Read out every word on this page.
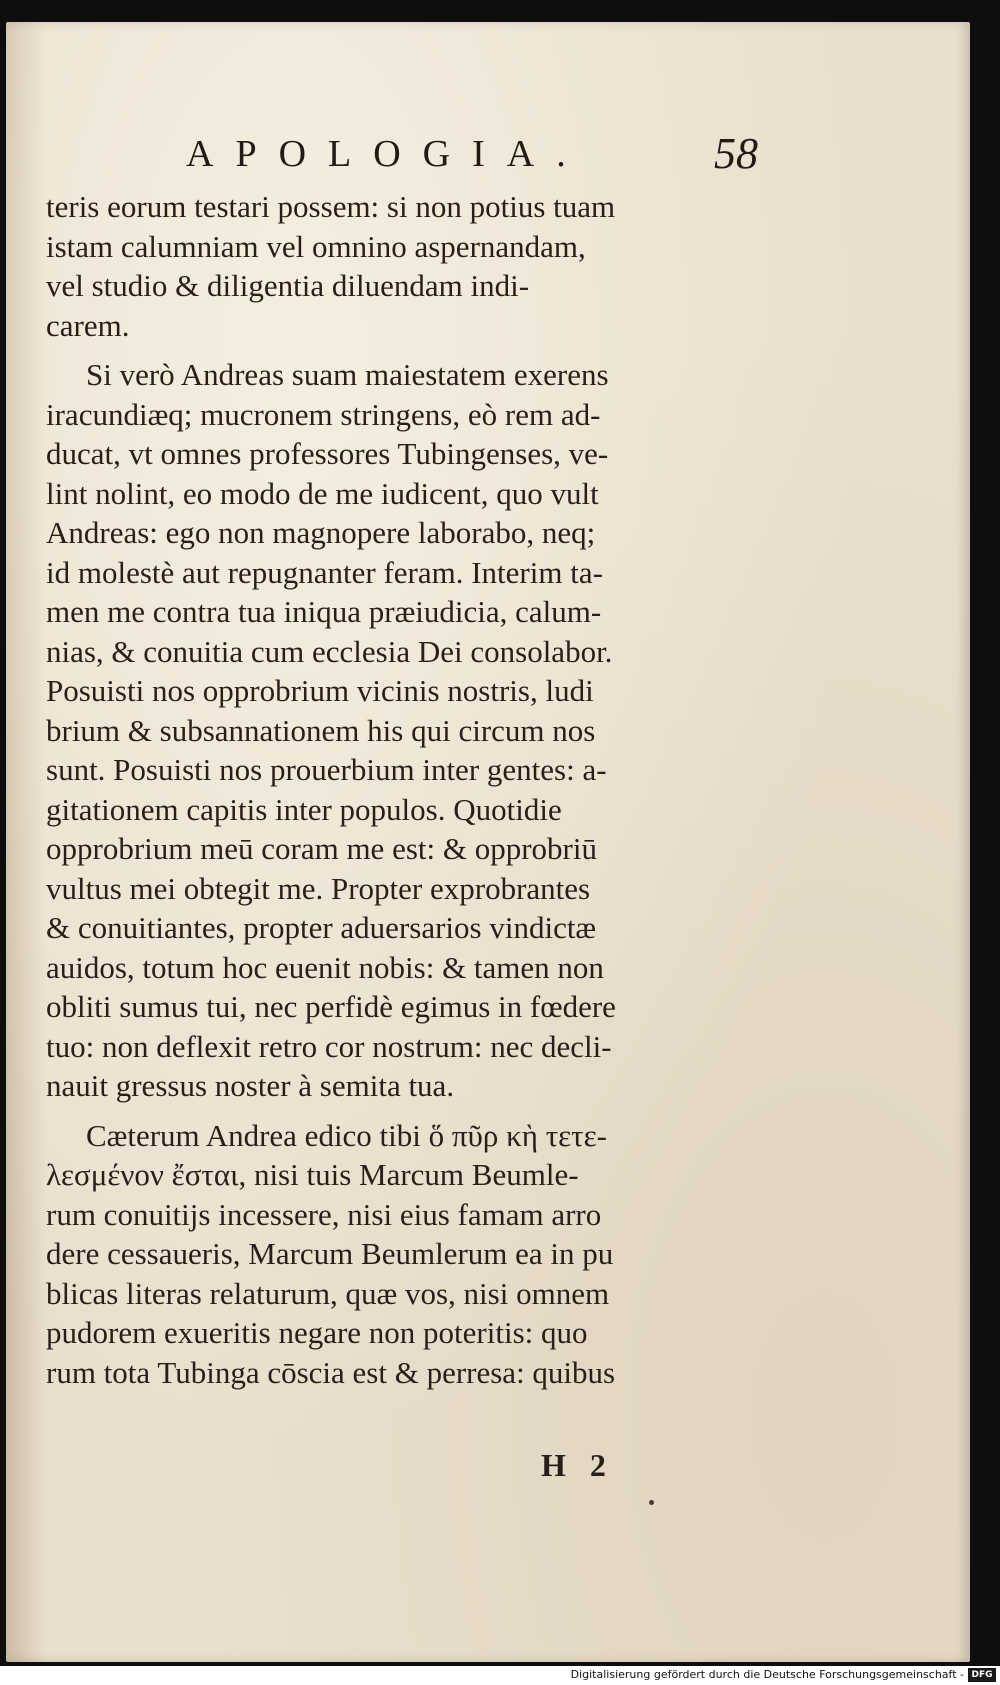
APOLOGIA.	58
teris eorum testari possem: si non potius tuam
istam calumniam vel omnino aspernandam,
vel studio & diligentia diluendam indi-
carem.
Si verò Andreas suam maiestatem exerens
iracundiæq; mucronem stringens, eò rem ad-
ducat, vt omnes professores Tubingenses, ve-
lint nolint, eo modo de me iudicent, quo vult
Andreas: ego non magnopere laborabo, neq;
id molestè aut repugnanter feram. Interim ta-
men me contra tua iniqua præiudicia, calum-
nias, & conuitia cum ecclesia Dei consolabor.
Posuisti nos opprobrium vicinis nostris, ludi
brium & subsannationem his qui circum nos
sunt. Posuisti nos prouerbium inter gentes: a-
gitationem capitis inter populos. Quotidie
opprobrium meū coram me est: & opprobriū
vultus mei obtegit me. Propter exprobrantes
& conuitiantes, propter aduersarios vindictæ
auidos, totum hoc euenit nobis: & tamen non
obliti sumus tui, nec perfidè egimus in fœdere
tuo: non deflexit retro cor nostrum: nec decli-
nauit gressus noster à semita tua.
Cæterum Andrea edico tibi ὅ πῦρ κὴ τετε-
λεσμένον ἔσται, nisi tuis Marcum Beumle-
rum conuitijs incessere, nisi eius famam arro
dere cessaueris, Marcum Beumlerum ea in pu
blicas literas relaturum, quæ vos, nisi omnem
pudorem exueritis negare non poteritis: quo
rum tota Tubinga cōscia est & perresa: quibus
H 2
Digitalisierung gefördert durch die Deutsche Forschungsgemeinschaft - DFG
